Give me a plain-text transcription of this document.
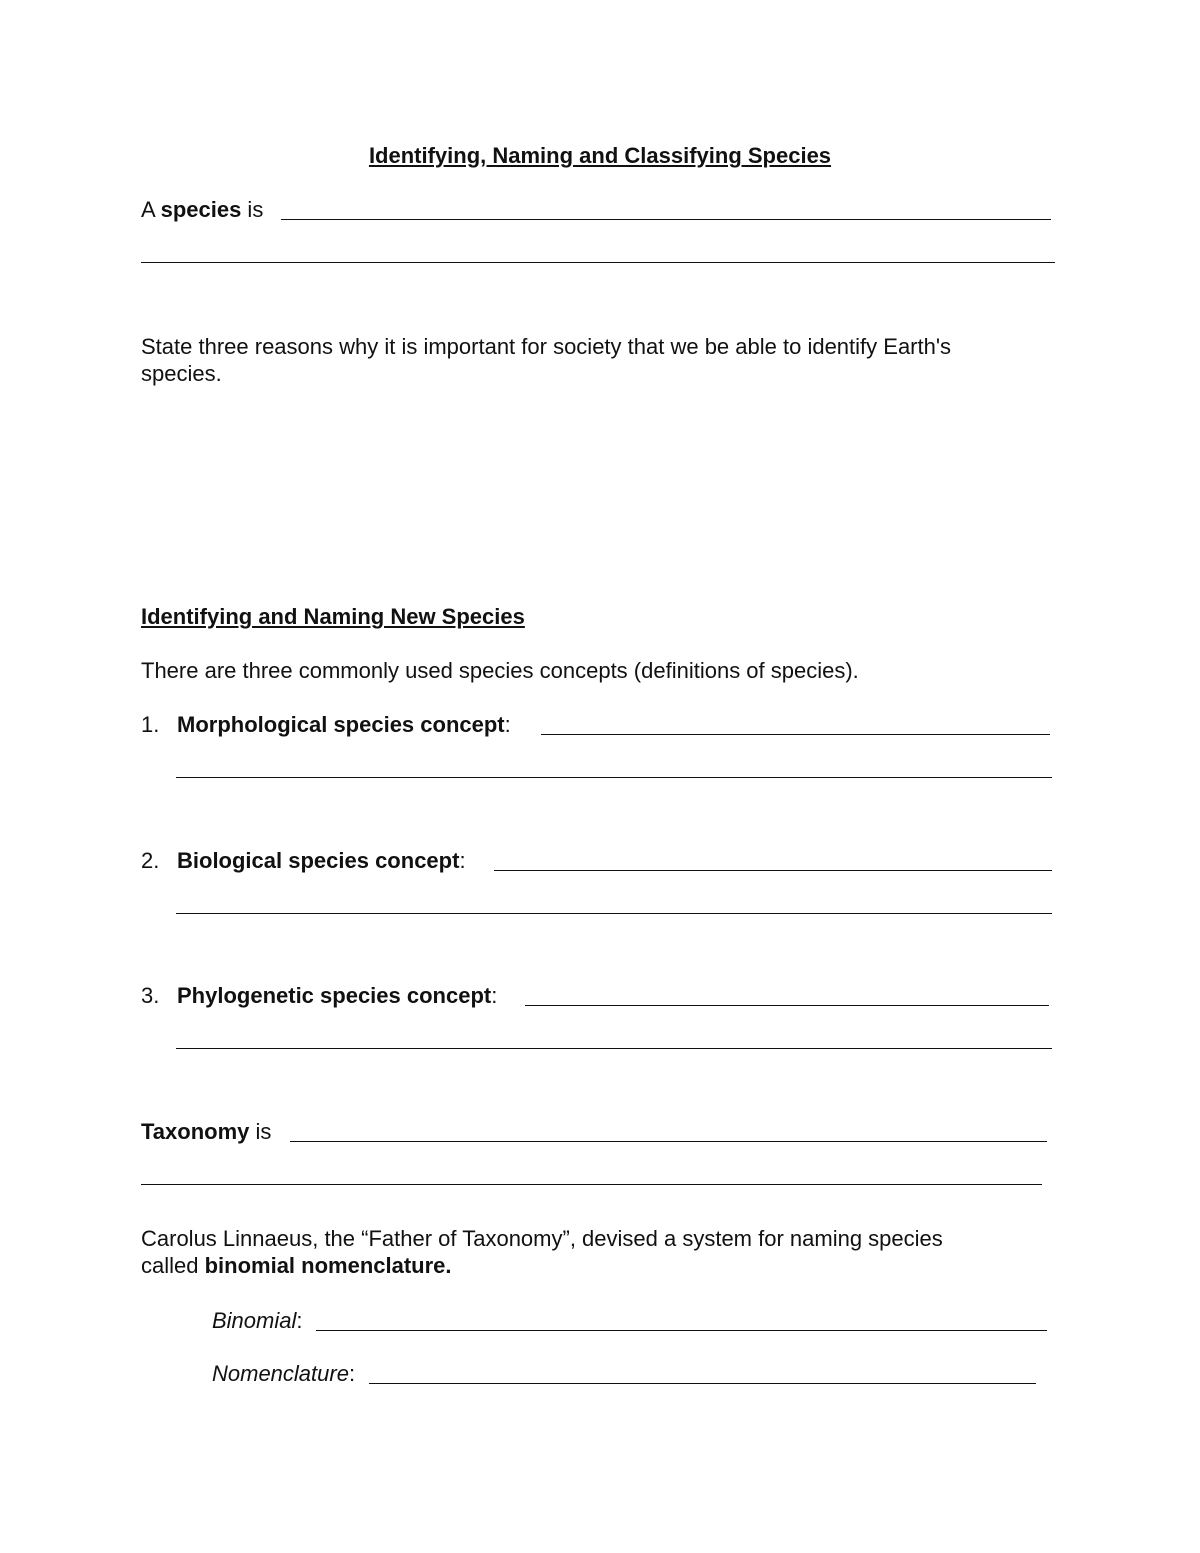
Identifying, Naming and Classifying Species
A species is
State three reasons why it is important for society that we be able to identify Earth's
species.
Identifying and Naming New Species
There are three commonly used species concepts (definitions of species).
1. Morphological species concept:
2. Biological species concept:
3. Phylogenetic species concept:
Taxonomy is
Carolus Linnaeus, the “Father of Taxonomy”, devised a system for naming species
called binomial nomenclature.
Binomial:
Nomenclature:
